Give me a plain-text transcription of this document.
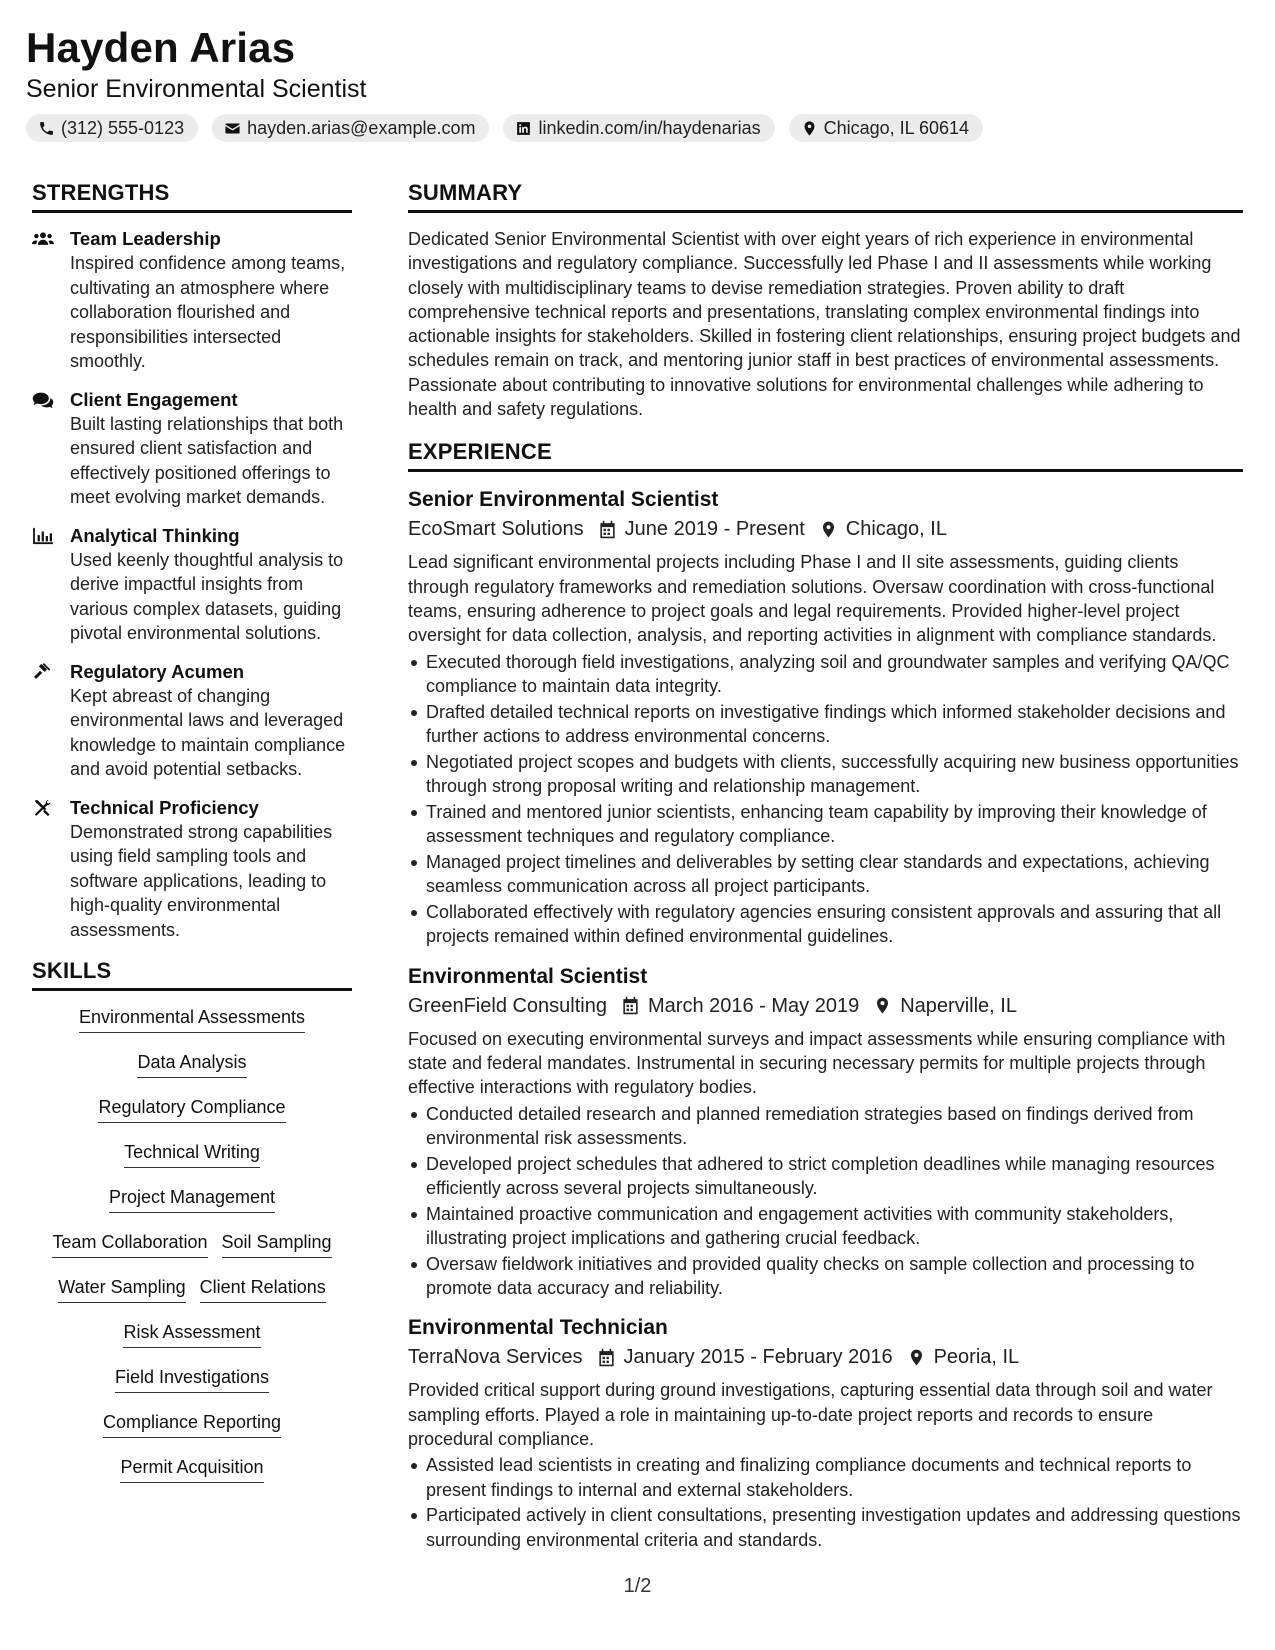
Hayden Arias
Senior Environmental Scientist
(312) 555-0123	hayden.arias@example.com	linkedin.com/in/haydenarias	Chicago, IL 60614
STRENGTHS
Team Leadership
Inspired confidence among teams, cultivating an atmosphere where collaboration flourished and responsibilities intersected smoothly.
Client Engagement
Built lasting relationships that both ensured client satisfaction and effectively positioned offerings to meet evolving market demands.
Analytical Thinking
Used keenly thoughtful analysis to derive impactful insights from various complex datasets, guiding pivotal environmental solutions.
Regulatory Acumen
Kept abreast of changing environmental laws and leveraged knowledge to maintain compliance and avoid potential setbacks.
Technical Proficiency
Demonstrated strong capabilities using field sampling tools and software applications, leading to high-quality environmental assessments.
SKILLS
Environmental Assessments
Data Analysis
Regulatory Compliance
Technical Writing
Project Management
Team Collaboration Soil Sampling
Water Sampling Client Relations
Risk Assessment
Field Investigations
Compliance Reporting
Permit Acquisition
SUMMARY
Dedicated Senior Environmental Scientist with over eight years of rich experience in environmental investigations and regulatory compliance. Successfully led Phase I and II assessments while working closely with multidisciplinary teams to devise remediation strategies. Proven ability to draft comprehensive technical reports and presentations, translating complex environmental findings into actionable insights for stakeholders. Skilled in fostering client relationships, ensuring project budgets and schedules remain on track, and mentoring junior staff in best practices of environmental assessments. Passionate about contributing to innovative solutions for environmental challenges while adhering to health and safety regulations.
EXPERIENCE
Senior Environmental Scientist
EcoSmart Solutions June 2019 - Present Chicago, IL
Lead significant environmental projects including Phase I and II site assessments, guiding clients through regulatory frameworks and remediation solutions. Oversaw coordination with cross-functional teams, ensuring adherence to project goals and legal requirements. Provided higher-level project oversight for data collection, analysis, and reporting activities in alignment with compliance standards.
Executed thorough field investigations, analyzing soil and groundwater samples and verifying QA/QC compliance to maintain data integrity.
Drafted detailed technical reports on investigative findings which informed stakeholder decisions and further actions to address environmental concerns.
Negotiated project scopes and budgets with clients, successfully acquiring new business opportunities through strong proposal writing and relationship management.
Trained and mentored junior scientists, enhancing team capability by improving their knowledge of assessment techniques and regulatory compliance.
Managed project timelines and deliverables by setting clear standards and expectations, achieving seamless communication across all project participants.
Collaborated effectively with regulatory agencies ensuring consistent approvals and assuring that all projects remained within defined environmental guidelines.
Environmental Scientist
GreenField Consulting March 2016 - May 2019 Naperville, IL
Focused on executing environmental surveys and impact assessments while ensuring compliance with state and federal mandates. Instrumental in securing necessary permits for multiple projects through effective interactions with regulatory bodies.
Conducted detailed research and planned remediation strategies based on findings derived from environmental risk assessments.
Developed project schedules that adhered to strict completion deadlines while managing resources efficiently across several projects simultaneously.
Maintained proactive communication and engagement activities with community stakeholders, illustrating project implications and gathering crucial feedback.
Oversaw fieldwork initiatives and provided quality checks on sample collection and processing to promote data accuracy and reliability.
Environmental Technician
TerraNova Services January 2015 - February 2016 Peoria, IL
Provided critical support during ground investigations, capturing essential data through soil and water sampling efforts. Played a role in maintaining up-to-date project reports and records to ensure procedural compliance.
Assisted lead scientists in creating and finalizing compliance documents and technical reports to present findings to internal and external stakeholders.
Participated actively in client consultations, presenting investigation updates and addressing questions surrounding environmental criteria and standards.
1/2
